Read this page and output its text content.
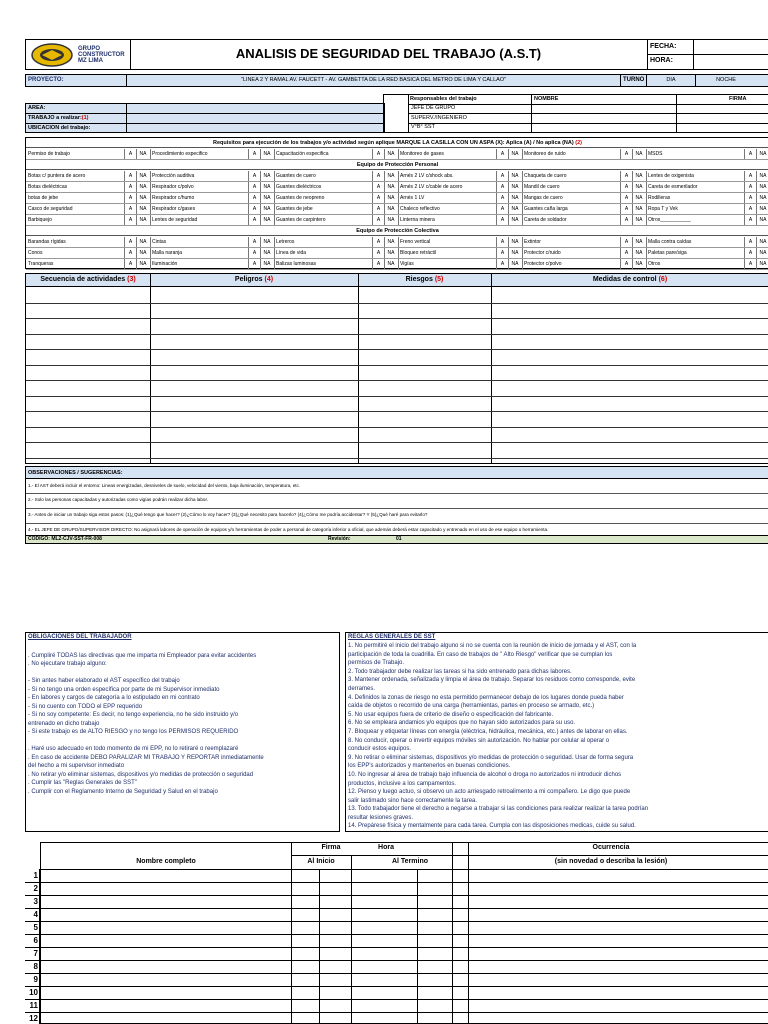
GRUPO CONSTRUCTOR MZ LIMA	ANALISIS DE SEGURIDAD DEL TRABAJO (A.S.T)	FECHA:
HORA:
PROYECTO:	"LINEA 2 Y RAMAL AV. FAUCETT - AV. GAMBETTA DE LA RED BASICA DEL METRO DE LIMA Y CALLAO"	TURNO	DIA	NOCHE
AREA:
TRABAJO a realizar:(1)
UBICACION del trabajo:
Responsables del trabajo	NOMBRE	FIRMA
JEFE DE GRUPO
SUPERV./INGENIERO
V°B° SST
Requisitos para ejecución de los trabajos y/o actividad según aplique MARQUE LA CASILLA CON UN ASPA (X): Aplica (A) / No aplica (NA) (2)
Permiso de trabajo	A	NA	Procedimiento especifico	A	NA	Capacitación especifica	A	NA	Monitoreo de gases	A	NA	Monitoreo de ruido	A	NA	MSDS	A	NA
Equipo de Protección Personal
Botas c/ puntera de acero	A	NA	Protección auditiva	A	NA	Guantes de cuero	A	NA	Arnés 2 LV c/shock abs.	A	NA	Chaqueta de cuero	A	NA	Lentes de oxigenista	A	NA
Botas dieléctricas	A	NA	Respirador c/polvo	A	NA	Guantes dieléctricos	A	NA	Arnés 2 LV c/cable de acero	A	NA	Mandil de cuero	A	NA	Careta de esmerilador	A	NA
botas de jebe	A	NA	Respirador c/humo	A	NA	Guantes de neopreno	A	NA	Arnés 1 LV	A	NA	Mangas de cuero	A	NA	Rodilleras	A	NA
Casco de seguridad	A	NA	Respirador c/gases	A	NA	Guantes de jebe	A	NA	Chaleco reflectivo	A	NA	Guantes caña larga	A	NA	Ropa T y Vek	A	NA
Barbiquejo	A	NA	Lentes de seguridad	A	NA	Guantes de carpintero	A	NA	Linterna minera	A	NA	Careta de soldador	A	NA	Otros___________	A	NA
Equipo de Protección Colectiva
Barandas rígidas	A	NA	Cintas	A	NA	Letreros	A	NA	Freno vertical	A	NA	Extintor	A	NA	Malla contra caídas	A	NA
Conos	A	NA	Malla naranja	A	NA	Línea de vida	A	NA	Bloqueo retráctil	A	NA	Protector c/ruido	A	NA	Paletas pare/siga	A	NA
Tranqueras	A	NA	Iluminación	A	NA	Balizas luminosas	A	NA	Vigías	A	NA	Protector c/polvo	A	NA	Otros	A	NA
Secuencia de actividades (3)	Peligros (4)	Riesgos (5)	Medidas de control (6)
OBSERVACIONES / SUGERENCIAS:
1.- El AST deberá incluir el entorno: Lineas energizadas, desniveles de suelo, velocidad del viento, baja iluminación, temperatura, etc.
2.- Solo las personas capacitadas y autorizadas como vigías podrán realizar dicha labor.
3.- Antes de iniciar un trabajo siga estos pasos: (1)¿Qué tengo que hacer? (2)¿Cómo lo voy hacer? (3)¿Qué necesito para hacerlo? (4)¿Cómo me podría accidentar? Y (5)¿Qué haré para evitarlo?
4.- EL JEFE DE GRUPO/SUPERVISOR DIRECTO: No asignará labores de operación de equipos y/o herramientas de poder a personal de categoría inferior a oficial, que además deberá estar capacitado y entrenado en el uso de ese equipo o herramienta.
CODIGO: ML2-CJV-SST-FR-008	Revisión:	01
OBLIGACIONES DEL TRABAJADOR
. Cumpliré TODAS las directivas que me imparta mi Empleador para evitar accidentes
. No ejecutare trabajo alguno:
- Sin antes haber elaborado el AST específico del trabajo
- Si no tengo una orden específica por parte de mi Supervisor inmediato
- En labores y cargos de categoría a lo estipulado en mi contrato
- Si no cuento con TODO el EPP requerido
- Si no soy competente: Es decir, no tengo experiencia, no he sido instruido y/o
entrenado en dicho trabajo
- Si este trabajo es de ALTO RIESGO y no tengo los PERMISOS REQUERIDO
. Haré uso adecuado en todo momento de mi EPP, no lo retiraré o reemplazaré
. En caso de accidente DEBO PARALIZAR MI TRABAJO Y REPORTAR inmediatamente
del hecho a mi supervisor inmediato
. No retirar y/o eliminar sistemas, dispositivos y/o medidas de protección o seguridad
. Cumplir las "Reglas Generales de SST"
. Cumplir con el Reglamento Interno de Seguridad y Salud en el trabajo
REGLAS GENERALES DE SST
1. No permitiré el inicio del trabajo alguno si no se cuenta con la reunión de inicio de jornada y el AST, con la
participación de toda la cuadrilla. En caso de trabajos de " Alto Riesgo" verificar que se cumplan los
permisos de Trabajo.
2. Todo trabajador debe realizar las tareas si ha sido entrenado para dichas labores.
3. Mantener ordenada, señalizada y limpia el área de trabajo. Separar los residuos como corresponde, evite
derrames.
4. Definidos la zonas de riesgo no esta permitido permanecer debajo de los lugares donde pueda haber
caída de objetos o recorrido de una carga (herramientas, partes en proceso se armado, etc.)
5. No usar equipos fuera de criterio de diseño o especificación del fabricante.
6. No se empleara andamios y/o equipos que no hayan sido autorizados para su uso.
7. Bloquear y etiquetar líneas con energía (eléctrica, hidráulica, mecánica, etc.) antes de laborar en ellas.
8. No conducir, operar o invertir equipos móviles sin autorización. No hablar por celular al operar o
conducir estos equipos.
9. No retirar o eliminar sistemas, dispositivos y/o medidas de protección o seguridad. Usar de forma segura
los EPP's autorizados y mantenerlos en buenas condiciones.
10. No ingresar al área de trabajo bajo influencia de alcohol o droga no autorizados ni introducir dichos
productos, inclusive a los campamentos.
12. Pienso y luego actuo, si observo un acto arriesgado retroalimento a mi compañero. Le digo que puede
salir lastimado sino hace correctamente la tarea.
13. Todo trabajador tiene el derecho a negarse a trabajar si las condiciones para realizar realizar la tarea podrían
resultar lesiones graves.
14. Prepárese física y mentalmente para cada tarea. Cumpla con las disposiciones medicas, cuide su salud.
Firma	Hora
Nombre completo	Al Inicio	Al Termino
Ocurrencia
(sin novedad o describa la lesión)
1
2
3
4
5
6
7
8
9
10
11
12
